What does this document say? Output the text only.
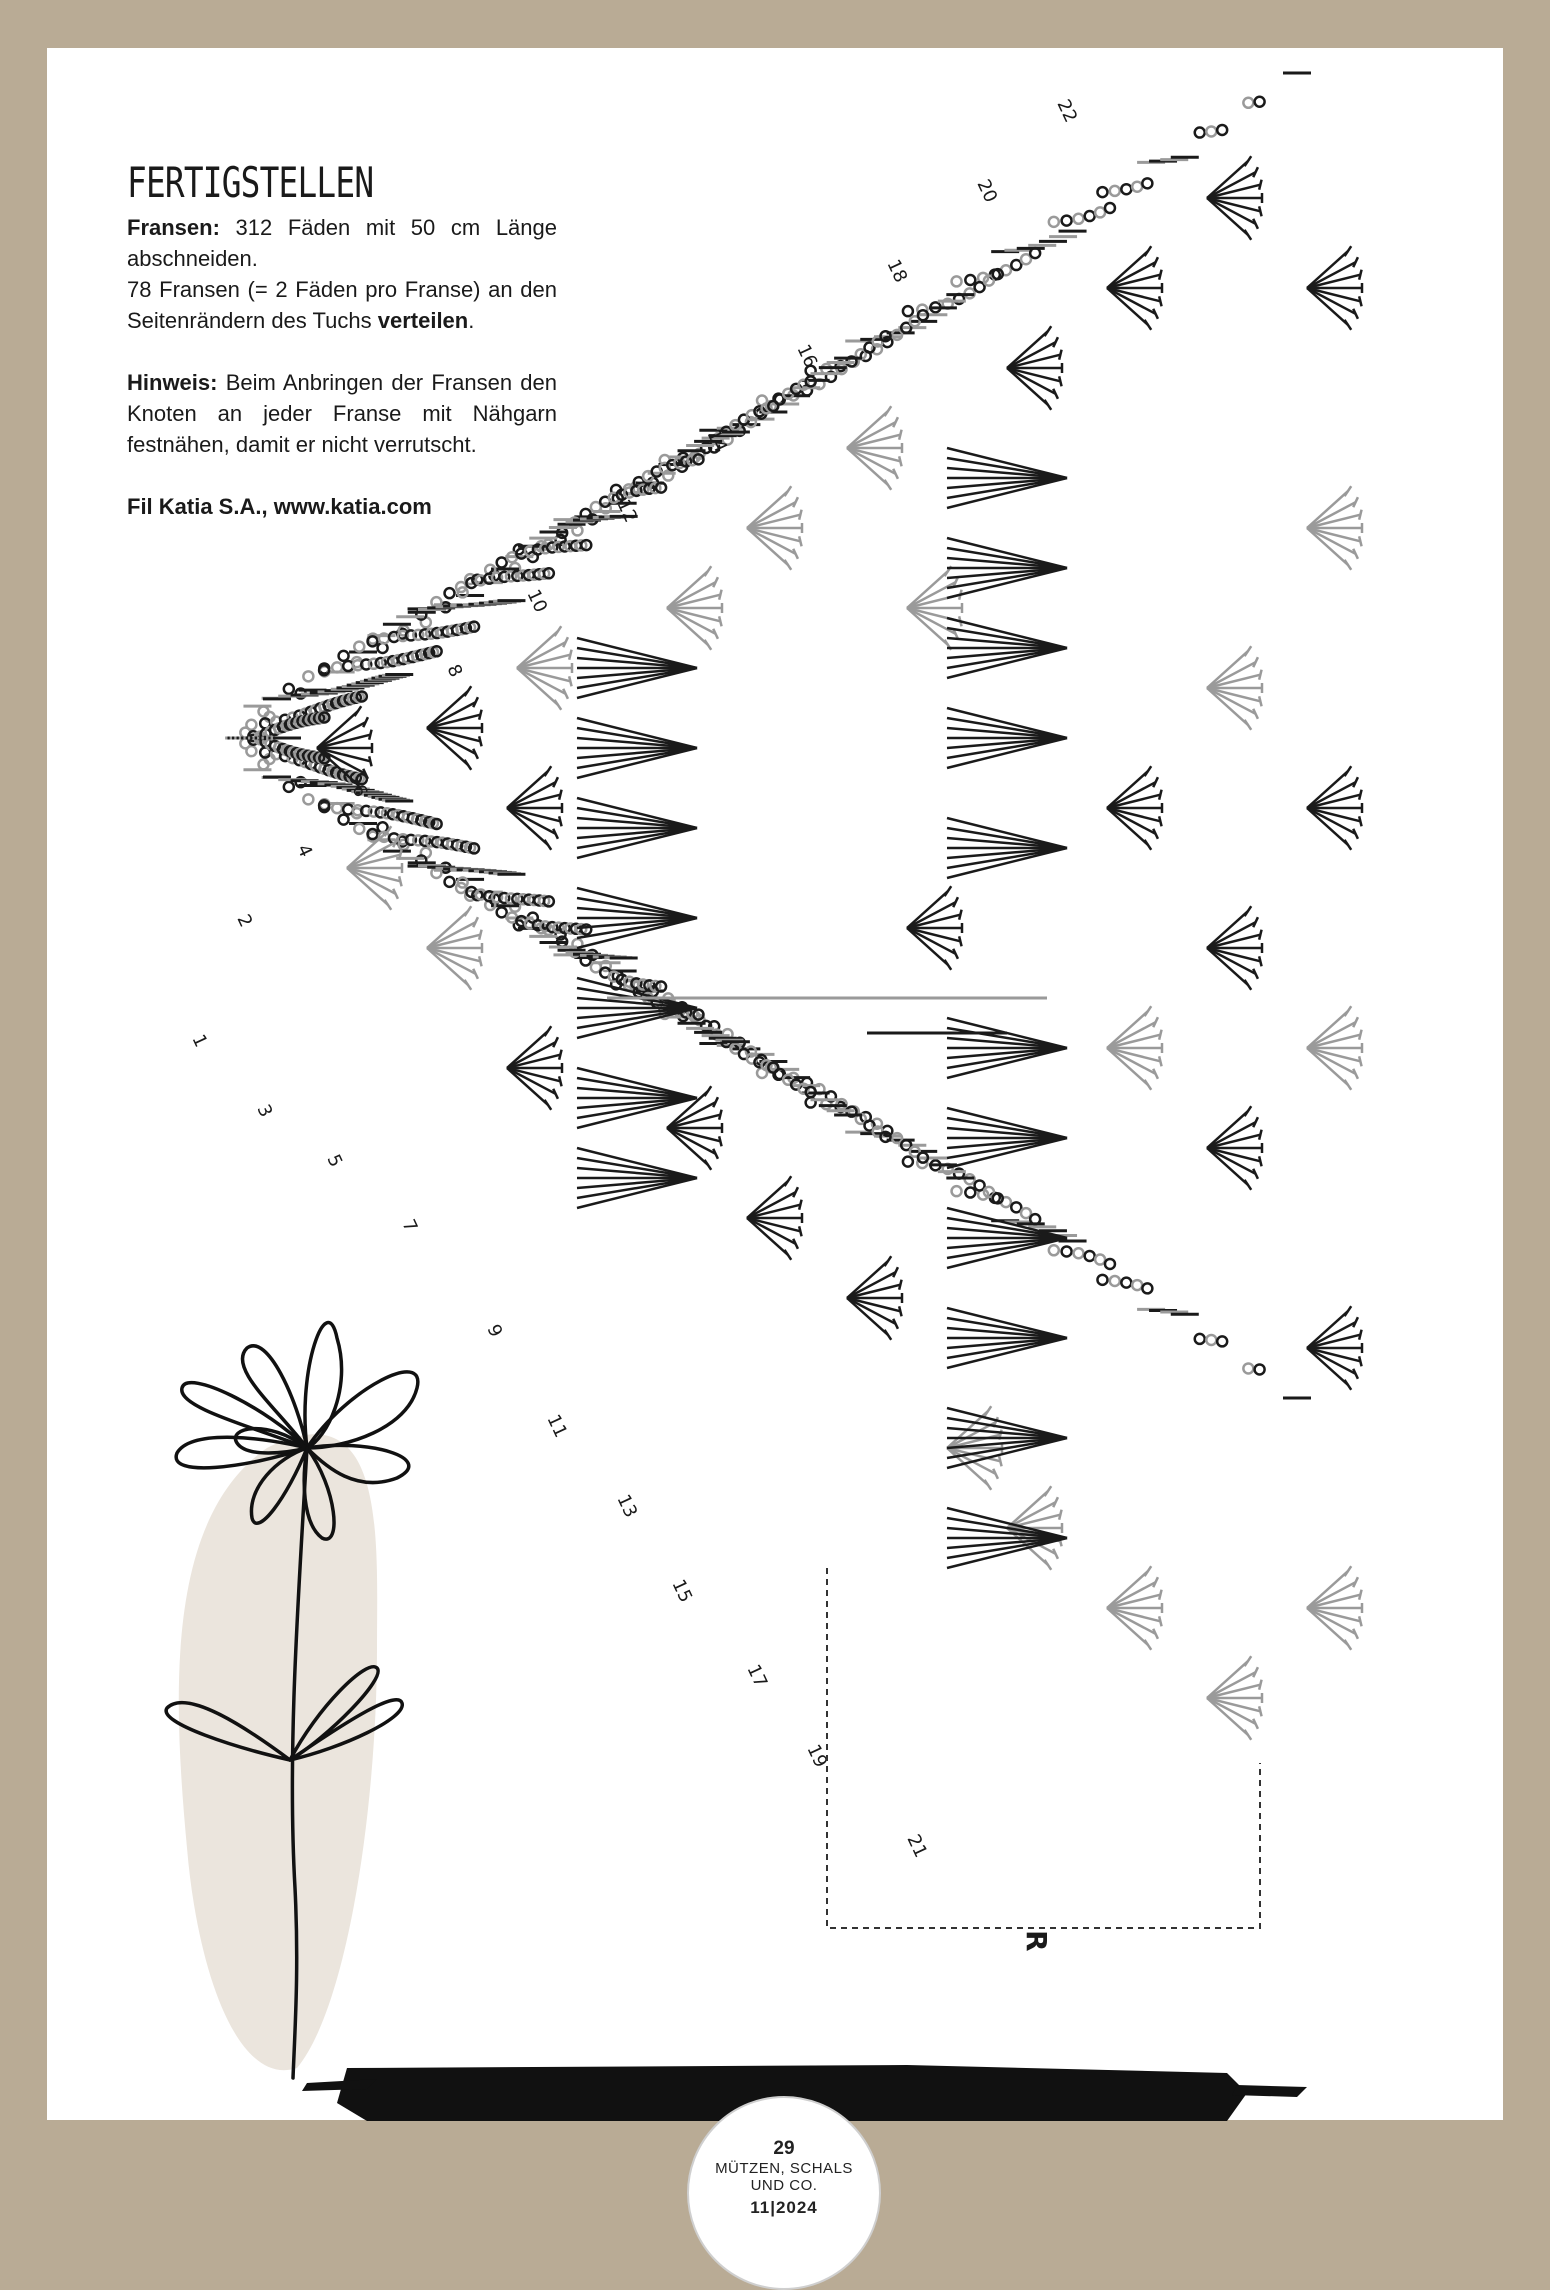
FERTIGSTELLEN

Fransen: 312 Fäden mit 50 cm Länge abschneiden.
78 Fransen (= 2 Fäden pro Franse) an den Seitenrändern des Tuchs verteilen.

Hinweis: Beim Anbringen der Fransen den Knoten an jeder Franse mit Nähgarn festnähen, damit er nicht verrutscht.

Fil Katia S.A., www.katia.com

2
4
6
8
10
12
14
16
18
20
22
1
3
5
7
9
11
13
15
17
19
21
R
29
MÜTZEN, SCHALS
UND CO.
11|2024
